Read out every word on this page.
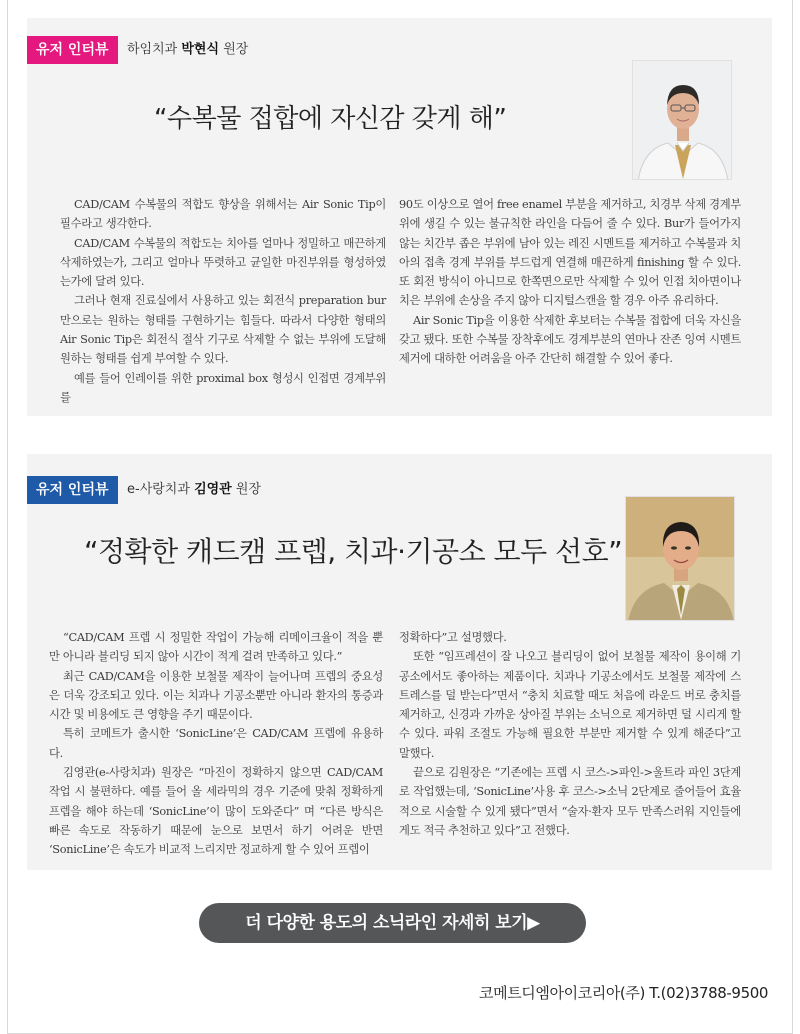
유저 인터뷰	하임치과 박현식 원장
“수복물 접합에 자신감 갖게 해”

CAD/CAM 수복물의 적합도 향상을 위해서는 Air Sonic Tip이 필수라고 생각한다.

CAD/CAM 수복물의 적합도는 치아를 얼마나 정밀하고 매끈하게 삭제하였는가, 그리고 얼마나 뚜렷하고 균일한 마진부위를 형성하였는가에 달려 있다.

그러나 현재 진료실에서 사용하고 있는 회전식 preparation bur 만으로는 원하는 형태를 구현하기는 힘들다. 따라서 다양한 형태의 Air Sonic Tip은 회전식 절삭 기구로 삭제할 수 없는 부위에 도달해 원하는 형태를 쉽게 부여할 수 있다.

예를 들어 인레이를 위한 proximal box 형성시 인접면 경계부위를

90도 이상으로 열어 free enamel 부분을 제거하고, 치경부 삭제 경계부위에 생길 수 있는 불규칙한 라인을 다듬어 줄 수 있다. Bur가 들어가지 않는 치간부 좁은 부위에 남아 있는 레진 시멘트를 제거하고 수복물과 치아의 접촉 경계 부위를 부드럽게 연결해 매끈하게 finishing 할 수 있다. 또 회전 방식이 아니므로 한쪽면으로만 삭제할 수 있어 인접 치아면이나 치은 부위에 손상을 주지 않아 디지털스캔을 할 경우 아주 유리하다.

Air Sonic Tip을 이용한 삭제한 후보터는 수복물 접합에 더욱 자신을 갖고 됐다. 또한 수복물 장착후에도 경계부분의 연마나 잔존 잉여 시멘트 제거에 대하한 어려움을 아주 간단히 해결할 수 있어 좋다.

유저 인터뷰	e-사랑치과 김영관 원장
“정확한 캐드캠 프렙, 치과·기공소 모두 선호”

“CAD/CAM 프렙 시 정밀한 작업이 가능해 리메이크율이 적을 뿐만 아니라 블리딩 되지 않아 시간이 적게 걸려 만족하고 있다.”

최근 CAD/CAM을 이용한 보철물 제작이 늘어나며 프렙의 중요성은 더욱 강조되고 있다. 이는 치과나 기공소뿐만 아니라 환자의 통증과 시간 및 비용에도 큰 영향을 주기 때문이다.

특히 코메트가 출시한 ‘SonicLine’은 CAD/CAM 프렙에 유용하다.

김영관(e-사랑치과) 원장은 “마진이 정확하지 않으면 CAD/CAM 작업 시 불편하다. 예를 들어 올 세라믹의 경우 기준에 맞춰 정확하게 프렙을 해야 하는데 ‘SonicLine’이 많이 도와준다” 며 “다른 방식은 빠른 속도로 작동하기 때문에 눈으로 보면서 하기 어려운 반면 ‘SonicLine’은 속도가 비교적 느리지만 정교하게 할 수 있어 프렙이

정확하다”고 설명했다.

또한 “임프레션이 잘 나오고 블리딩이 없어 보철물 제작이 용이해 기공소에서도 좋아하는 제품이다. 치과나 기공소에서도 보철물 제작에 스트레스를 덜 받는다”면서 “충치 치료할 때도 처음에 라운드 버로 충치를 제거하고, 신경과 가까운 상아질 부위는 소닉으로 제거하면 덜 시리게 할 수 있다. 파워 조절도 가능해 필요한 부분만 제거할 수 있게 해준다”고 말했다.

끝으로 김원장은 “기존에는 프렙 시 코스->파인->울트라 파인 3단계로 작업했는데, ‘SonicLine’사용 후 코스->소닉 2단계로 줄어들어 효율적으로 시술할 수 있게 됐다”면서 “술자·환자 모두 만족스러워 지인들에게도 적극 추천하고 있다”고 전했다.

더 다양한 용도의 소닉라인 자세히 보기▶
코메트디엠아이코리아(주) T.(02)3788-9500
